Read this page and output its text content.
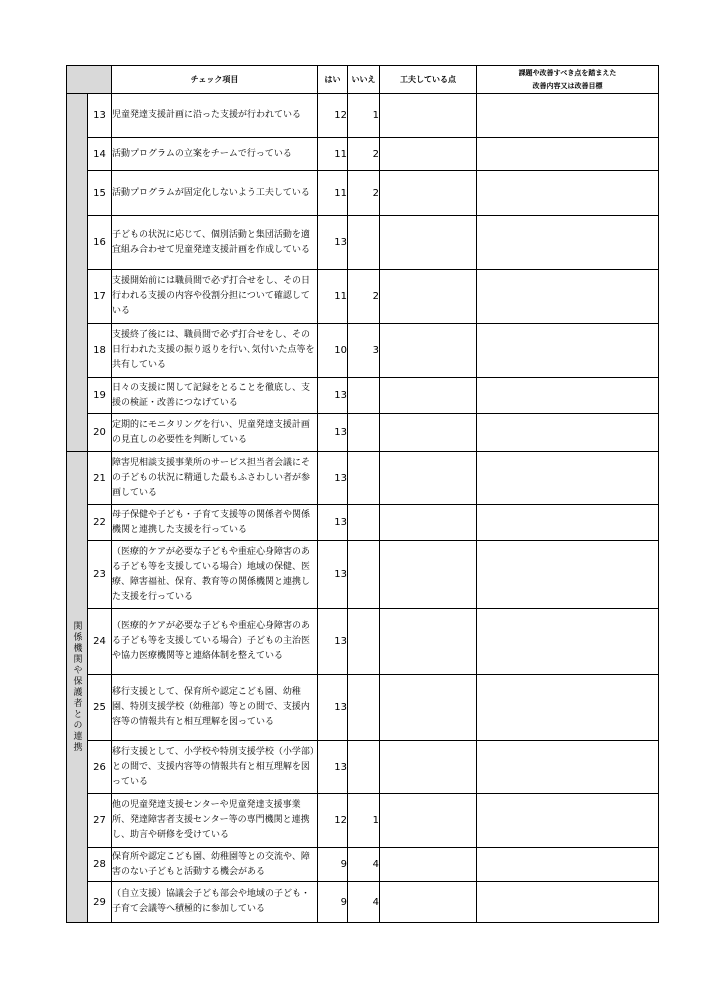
		チェック項目	はい	いいえ	工夫している点	課題や改善すべき点を踏まえた
改善内容又は改善目標

	13	児童発達支援計画に沿った支援が行われている	12	1		
	14	活動プログラムの立案をチームで行っている	11	2		
	15	活動プログラムが固定化しないよう工夫している	11	2		
	16	子どもの状況に応じて、個別活動と集団活動を適宜組み合わせて児童発達支援計画を作成している	13			
	17	支援開始前には職員間で必ず打合せをし、その日行われる支援の内容や役割分担について確認している	11	2		
	18	支援終了後には、職員間で必ず打合せをし、その日行われた支援の振り返りを行い､気付いた点等を共有している	10	3		
	19	日々の支援に関して記録をとることを徹底し、支援の検証・改善につなげている	13			
	20	定期的にモニタリングを行い、児童発達支援計画の見直しの必要性を判断している	13			

関係機関や保護者との連携	21	障害児相談支援事業所のサービス担当者会議にその子どもの状況に精通した最もふさわしい者が参画している	13			
	22	母子保健や子ども・子育て支援等の関係者や関係機関と連携した支援を行っている	13			
	23	（医療的ケアが必要な子どもや重症心身障害のある子ども等を支援している場合）地域の保健、医療、障害福祉、保育、教育等の関係機関と連携した支援を行っている	13			
	24	（医療的ケアが必要な子どもや重症心身障害のある子ども等を支援している場合）子どもの主治医や協力医療機関等と連絡体制を整えている	13			
	25	移行支援として、保育所や認定こども園、幼稚園、特別支援学校（幼稚部）等との間で、支援内容等の情報共有と相互理解を図っている	13			
	26	移行支援として、小学校や特別支援学校（小学部）との間で、支援内容等の情報共有と相互理解を図っている	13			
	27	他の児童発達支援センターや児童発達支援事業所、発達障害者支援センター等の専門機関と連携し、助言や研修を受けている	12	1		
	28	保育所や認定こども園、幼稚園等との交流や、障害のない子どもと活動する機会がある	9	4		
	29	（自立支援）協議会子ども部会や地域の子ども・子育て会議等へ積極的に参加している	9	4		
